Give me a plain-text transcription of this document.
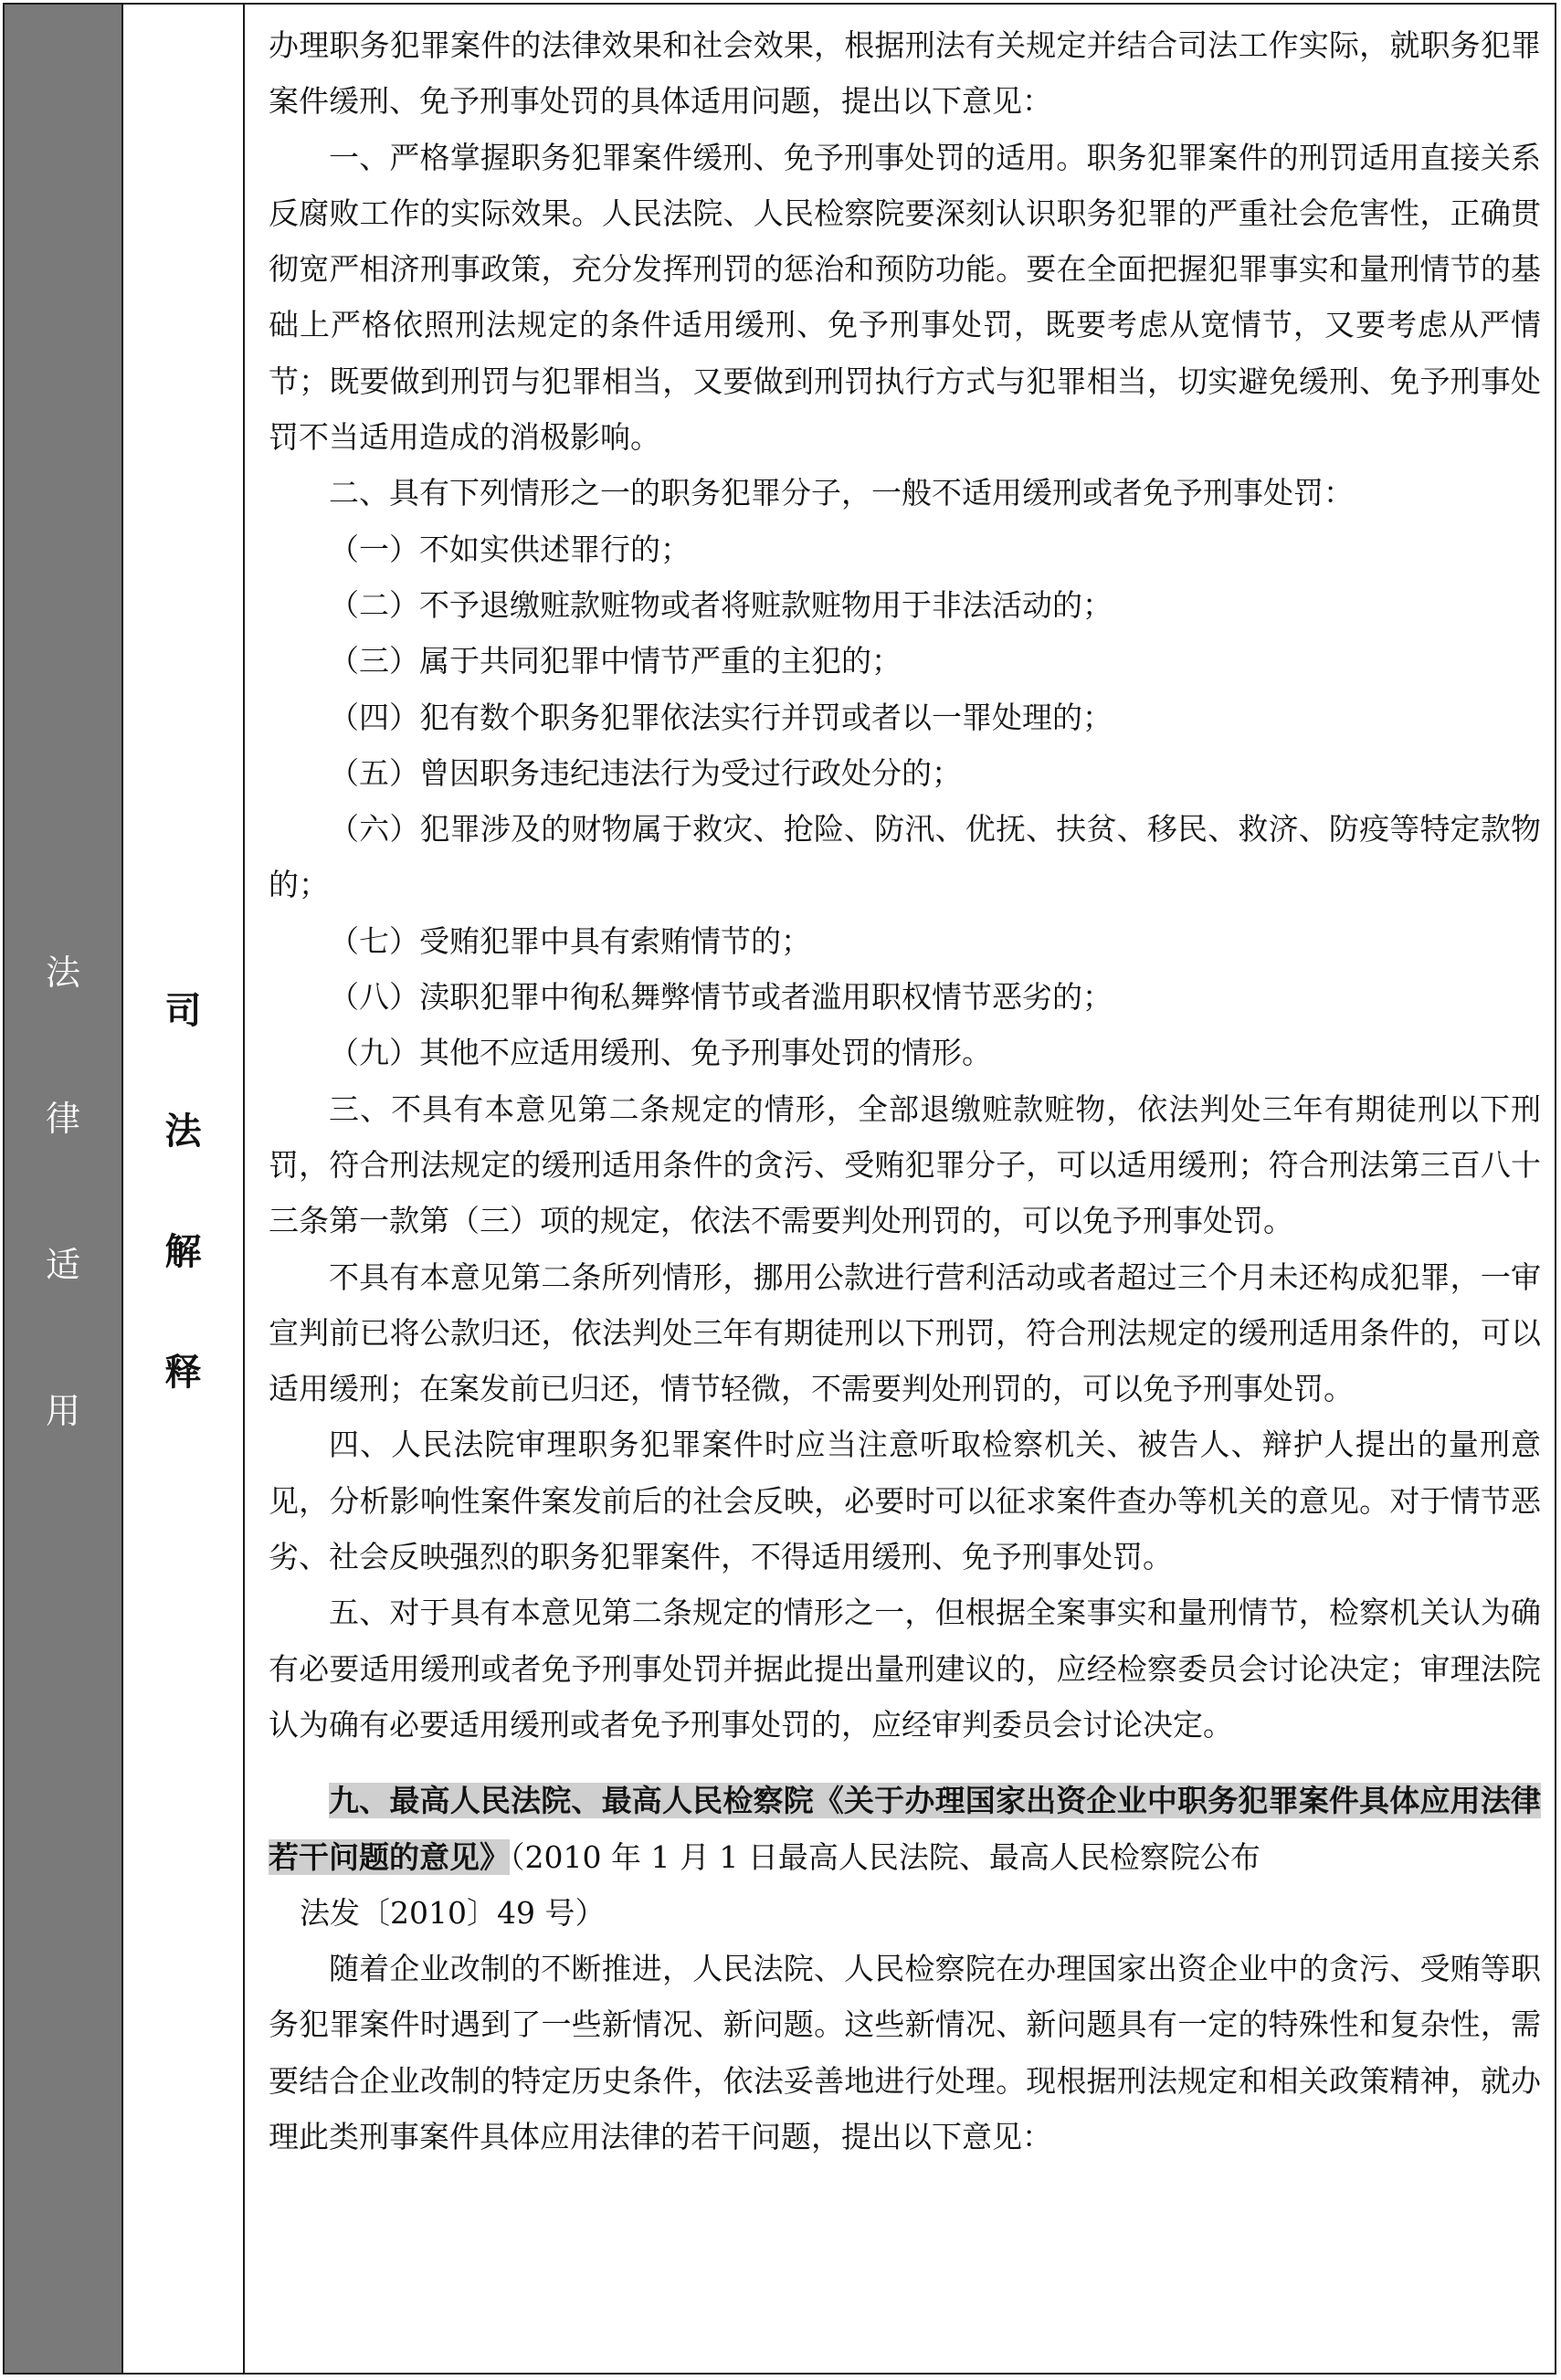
法
律
适
用
司
法
解
释

办理职务犯罪案件的法律效果和社会效果，根据刑法有关规定并结合司法工作实际，就职务犯罪案件缓刑、免予刑事处罚的具体适用问题，提出以下意见：

一、严格掌握职务犯罪案件缓刑、免予刑事处罚的适用。职务犯罪案件的刑罚适用直接关系反腐败工作的实际效果。人民法院、人民检察院要深刻认识职务犯罪的严重社会危害性，正确贯彻宽严相济刑事政策，充分发挥刑罚的惩治和预防功能。要在全面把握犯罪事实和量刑情节的基础上严格依照刑法规定的条件适用缓刑、免予刑事处罚，既要考虑从宽情节，又要考虑从严情节；既要做到刑罚与犯罪相当，又要做到刑罚执行方式与犯罪相当，切实避免缓刑、免予刑事处罚不当适用造成的消极影响。

二、具有下列情形之一的职务犯罪分子，一般不适用缓刑或者免予刑事处罚：

（一）不如实供述罪行的；

（二）不予退缴赃款赃物或者将赃款赃物用于非法活动的；

（三）属于共同犯罪中情节严重的主犯的；

（四）犯有数个职务犯罪依法实行并罚或者以一罪处理的；

（五）曾因职务违纪违法行为受过行政处分的；

（六）犯罪涉及的财物属于救灾、抢险、防汛、优抚、扶贫、移民、救济、防疫等特定款物的；

（七）受贿犯罪中具有索贿情节的；

（八）渎职犯罪中徇私舞弊情节或者滥用职权情节恶劣的；

（九）其他不应适用缓刑、免予刑事处罚的情形。

三、不具有本意见第二条规定的情形，全部退缴赃款赃物，依法判处三年有期徒刑以下刑罚，符合刑法规定的缓刑适用条件的贪污、受贿犯罪分子，可以适用缓刑；符合刑法第三百八十三条第一款第（三）项的规定，依法不需要判处刑罚的，可以免予刑事处罚。

不具有本意见第二条所列情形，挪用公款进行营利活动或者超过三个月未还构成犯罪，一审宣判前已将公款归还，依法判处三年有期徒刑以下刑罚，符合刑法规定的缓刑适用条件的，可以适用缓刑；在案发前已归还，情节轻微，不需要判处刑罚的，可以免予刑事处罚。

四、人民法院审理职务犯罪案件时应当注意听取检察机关、被告人、辩护人提出的量刑意见，分析影响性案件案发前后的社会反映，必要时可以征求案件查办等机关的意见。对于情节恶劣、社会反映强烈的职务犯罪案件，不得适用缓刑、免予刑事处罚。

五、对于具有本意见第二条规定的情形之一，但根据全案事实和量刑情节，检察机关认为确有必要适用缓刑或者免予刑事处罚并据此提出量刑建议的，应经检察委员会讨论决定；审理法院认为确有必要适用缓刑或者免予刑事处罚的，应经审判委员会讨论决定。

九、最高人民法院、最高人民检察院《关于办理国家出资企业中职务犯罪案件具体应用法律若干问题的意见》（2010 年 1 月 1 日最高人民法院、最高人民检察院公布

法发〔2010〕49 号）

随着企业改制的不断推进，人民法院、人民检察院在办理国家出资企业中的贪污、受贿等职务犯罪案件时遇到了一些新情况、新问题。这些新情况、新问题具有一定的特殊性和复杂性，需要结合企业改制的特定历史条件，依法妥善地进行处理。现根据刑法规定和相关政策精神，就办理此类刑事案件具体应用法律的若干问题，提出以下意见：
